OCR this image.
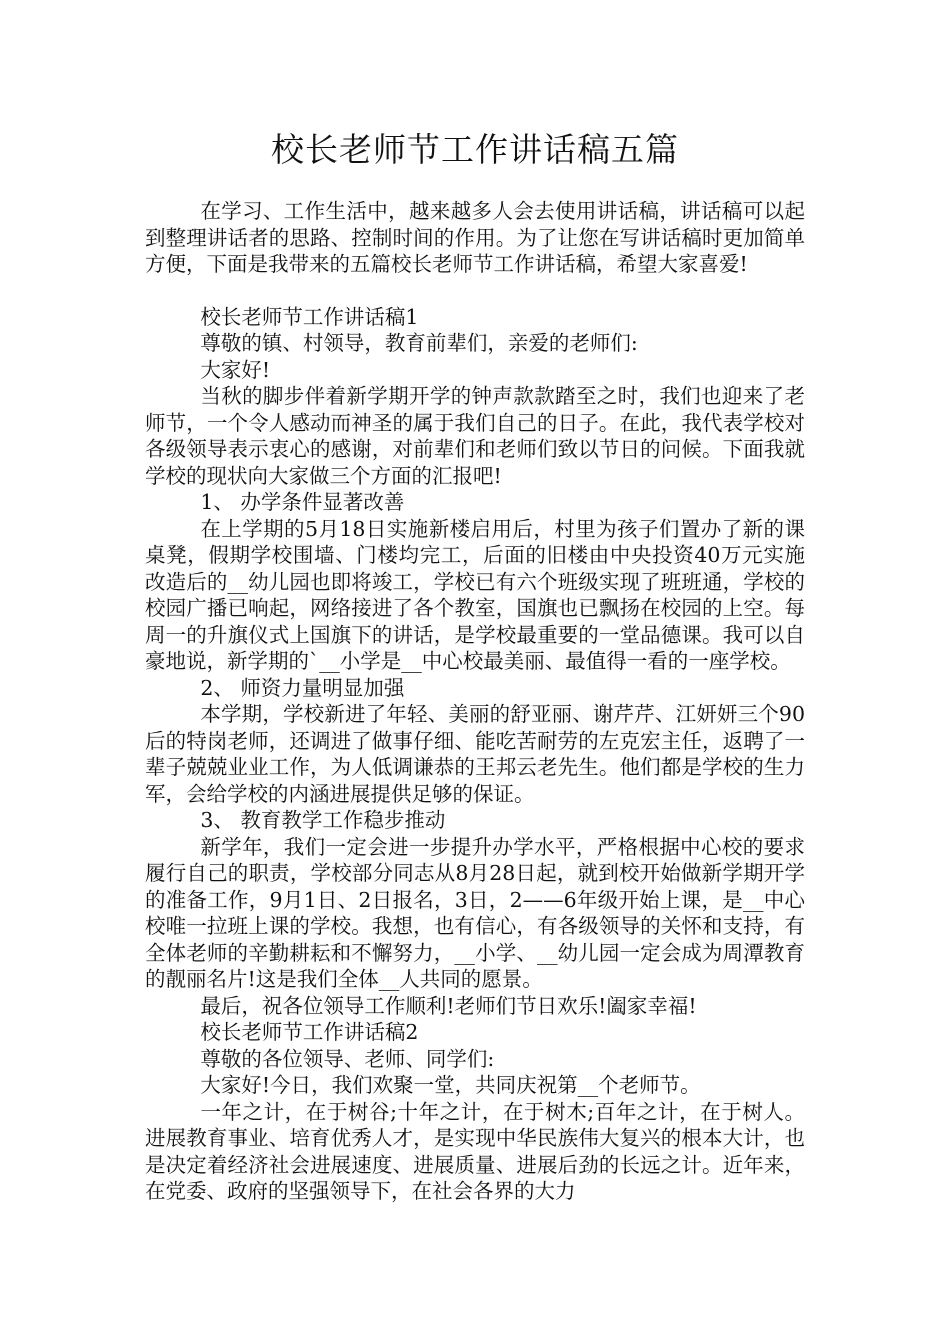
校长老师节工作讲话稿五篇

在学习、工作生活中，越来越多人会去使用讲话稿，讲话稿可以起到整理讲话者的思路、控制时间的作用。为了让您在写讲话稿时更加简单方便，下面是我带来的五篇校长老师节工作讲话稿，希望大家喜爱!

校长老师节工作讲话稿1

尊敬的镇、村领导，教育前辈们，亲爱的老师们:

大家好!

当秋的脚步伴着新学期开学的钟声款款踏至之时，我们也迎来了老师节，一个令人感动而神圣的属于我们自己的日子。在此，我代表学校对各级领导表示衷心的感谢，对前辈们和老师们致以节日的问候。下面我就学校的现状向大家做三个方面的汇报吧!

1、 办学条件显著改善

在上学期的5月18日实施新楼启用后，村里为孩子们置办了新的课桌凳，假期学校围墙、门楼均完工，后面的旧楼由中央投资40万元实施改造后的__幼儿园也即将竣工，学校已有六个班级实现了班班通，学校的校园广播已响起，网络接进了各个教室，国旗也已飘扬在校园的上空。每周一的升旗仪式上国旗下的讲话，是学校最重要的一堂品德课。我可以自豪地说，新学期的`__小学是__中心校最美丽、最值得一看的一座学校。

2、 师资力量明显加强

本学期，学校新进了年轻、美丽的舒亚丽、谢芹芹、江妍妍三个90后的特岗老师，还调进了做事仔细、能吃苦耐劳的左克宏主任，返聘了一辈子兢兢业业工作，为人低调谦恭的王邦云老先生。他们都是学校的生力军，会给学校的内涵进展提供足够的保证。

3、 教育教学工作稳步推动

新学年，我们一定会进一步提升办学水平，严格根据中心校的要求履行自己的职责，学校部分同志从8月28日起，就到校开始做新学期开学的准备工作，9月1日、2日报名，3日，2——6年级开始上课，是__中心校唯一拉班上课的学校。我想，也有信心，有各级领导的关怀和支持，有全体老师的辛勤耕耘和不懈努力，__小学、__幼儿园一定会成为周潭教育的靓丽名片!这是我们全体__人共同的愿景。

最后，祝各位领导工作顺利!老师们节日欢乐!阖家幸福!

校长老师节工作讲话稿2

尊敬的各位领导、老师、同学们:

大家好!今日，我们欢聚一堂，共同庆祝第__个老师节。

一年之计，在于树谷;十年之计，在于树木;百年之计，在于树人。进展教育事业、培育优秀人才，是实现中华民族伟大复兴的根本大计，也是决定着经济社会进展速度、进展质量、进展后劲的长远之计。近年来，在党委、政府的坚强领导下，在社会各界的大力
